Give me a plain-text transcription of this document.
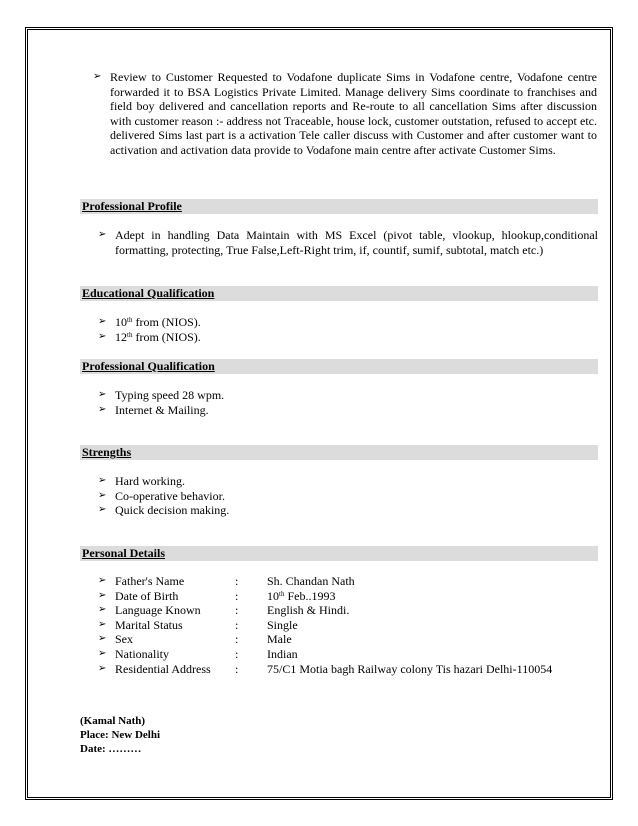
➢ Review to Customer Requested to Vodafone duplicate Sims in Vodafone centre, Vodafone centre forwarded it to BSA Logistics Private Limited. Manage delivery Sims coordinate to franchises and field boy delivered and cancellation reports and Re-route to all cancellation Sims after discussion with customer reason :- address not Traceable, house lock, customer outstation, refused to accept etc. delivered Sims last part is a activation Tele caller discuss with Customer and after customer want to activation and activation data provide to Vodafone main centre after activate Customer Sims.
Professional Profile
➢ Adept in handling Data Maintain with MS Excel (pivot table, vlookup, hlookup,conditional formatting, protecting, True False,Left-Right trim, if, countif, sumif, subtotal, match etc.)
Educational Qualification
➢ 10th from (NIOS).
➢ 12th from (NIOS).
Professional Qualification
➢ Typing speed 28 wpm.
➢ Internet & Mailing.
Strengths
➢ Hard working.
➢ Co-operative behavior.
➢ Quick decision making.
Personal Details
➢ Father's Name	: Sh. Chandan Nath
➢ Date of Birth	: 10th Feb..1993
➢ Language Known	: English & Hindi.
➢ Marital Status	: Single
➢ Sex	: Male
➢ Nationality	: Indian
➢ Residential Address : 75/C1 Motia bagh Railway colony Tis hazari Delhi-110054
(Kamal Nath)
Place: New Delhi
Date: ………
